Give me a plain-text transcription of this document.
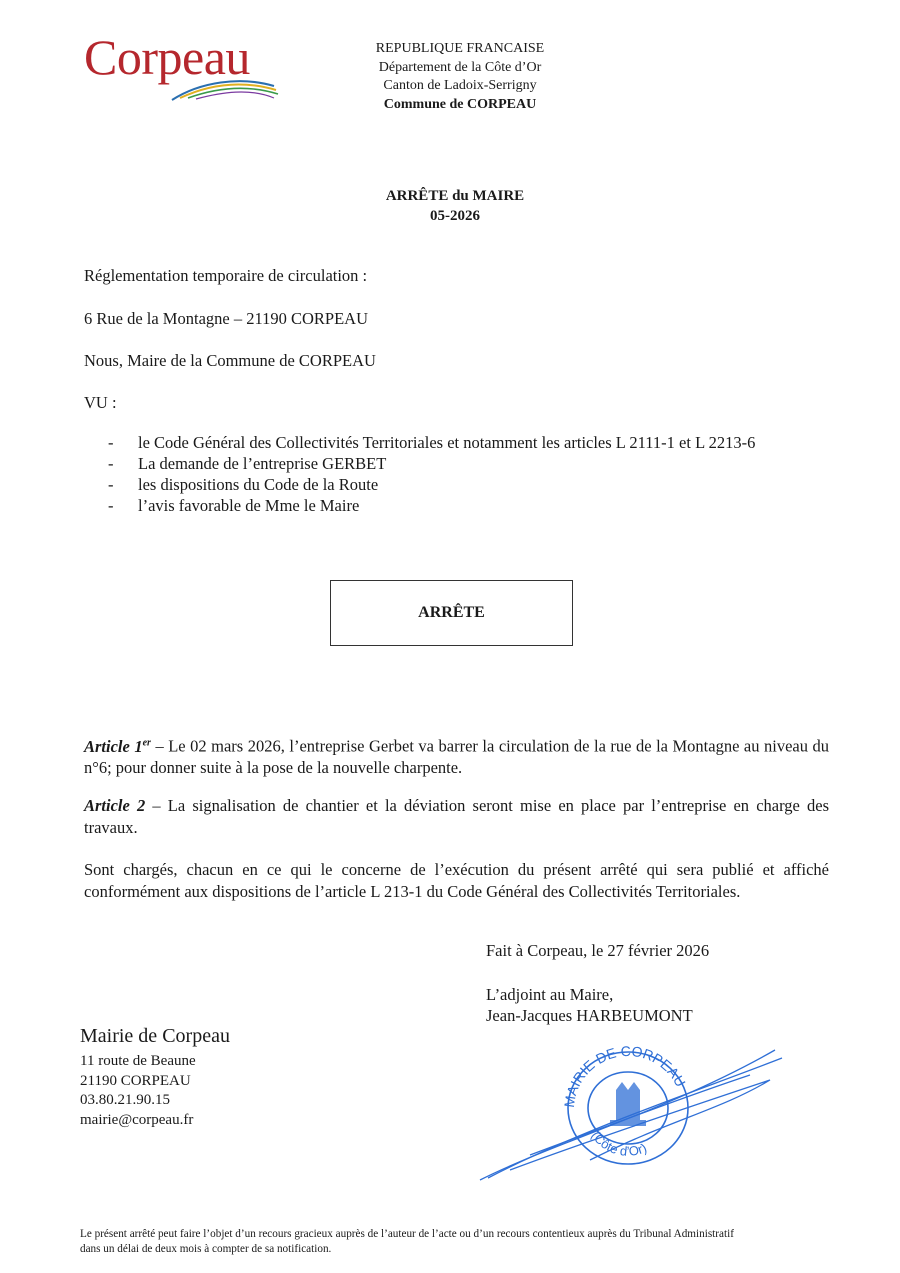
Corpeau	REPUBLIQUE FRANCAISE
Département de la Côte d’Or
Canton de Ladoix-Serrigny
Commune de CORPEAU
ARRÊTE du MAIRE
05-2026
Réglementation temporaire de circulation :
6 Rue de la Montagne – 21190 CORPEAU
Nous, Maire de la Commune de CORPEAU
VU :
- le Code Général des Collectivités Territoriales et notamment les articles L 2111-1 et L 2213-6
- La demande de l’entreprise GERBET
- les dispositions du Code de la Route
- l’avis favorable de Mme le Maire
ARRÊTE
Article 1er – Le 02 mars 2026, l’entreprise Gerbet va barrer la circulation de la rue de la Montagne au niveau du n°6; pour donner suite à la pose de la nouvelle charpente.
Article 2 – La signalisation de chantier et la déviation seront mise en place par l’entreprise en charge des travaux.
Sont chargés, chacun en ce qui le concerne de l’exécution du présent arrêté qui sera publié et affiché conformément aux dispositions de l’article L 213-1 du Code Général des Collectivités Territoriales.
Fait à Corpeau, le 27 février 2026
L’adjoint au Maire,
Jean-Jacques HARBEUMONT
Mairie de Corpeau
11 route de Beaune
21190 CORPEAU
03.80.21.90.15
mairie@corpeau.fr
MAIRIE DE CORPEAU
(Côte d’Or)
Le présent arrêté peut faire l’objet d’un recours gracieux auprès de l’auteur de l’acte ou d’un recours contentieux auprès du Tribunal Administratif
dans un délai de deux mois à compter de sa notification.
